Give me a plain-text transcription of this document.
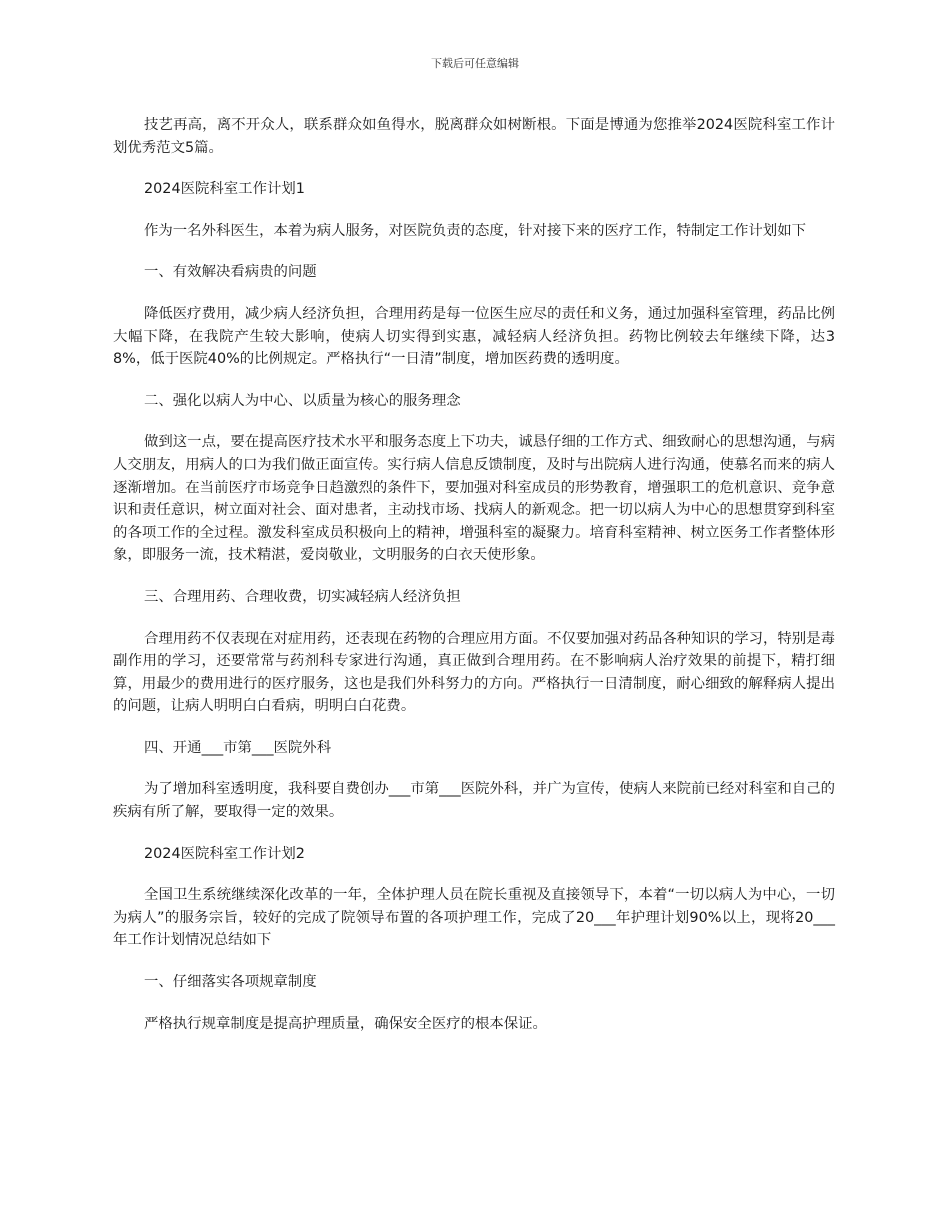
下载后可任意编辑

技艺再高，离不开众人，联系群众如鱼得水，脱离群众如树断根。下面是博通为您推举2024医院科室工作计划优秀范文5篇。

2024医院科室工作计划1

作为一名外科医生，本着为病人服务，对医院负责的态度，针对接下来的医疗工作，特制定工作计划如下

一、有效解决看病贵的问题

降低医疗费用，减少病人经济负担，合理用药是每一位医生应尽的责任和义务，通过加强科室管理，药品比例大幅下降，在我院产生较大影响，使病人切实得到实惠，减轻病人经济负担。药物比例较去年继续下降，达38%，低于医院40%的比例规定。严格执行“一日清”制度，增加医药费的透明度。

二、强化以病人为中心、以质量为核心的服务理念

做到这一点，要在提高医疗技术水平和服务态度上下功夫，诚恳仔细的工作方式、细致耐心的思想沟通，与病人交朋友，用病人的口为我们做正面宣传。实行病人信息反馈制度，及时与出院病人进行沟通，使慕名而来的病人逐渐增加。在当前医疗市场竞争日趋激烈的条件下，要加强对科室成员的形势教育，增强职工的危机意识、竞争意识和责任意识，树立面对社会、面对患者，主动找市场、找病人的新观念。把一切以病人为中心的思想贯穿到科室的各项工作的全过程。激发科室成员积极向上的精神，增强科室的凝聚力。培育科室精神、树立医务工作者整体形象，即服务一流，技术精湛，爱岗敬业，文明服务的白衣天使形象。

三、合理用药、合理收费，切实减轻病人经济负担

合理用药不仅表现在对症用药，还表现在药物的合理应用方面。不仅要加强对药品各种知识的学习，特别是毒副作用的学习，还要常常与药剂科专家进行沟通，真正做到合理用药。在不影响病人治疗效果的前提下，精打细算，用最少的费用进行的医疗服务，这也是我们外科努力的方向。严格执行一日清制度，耐心细致的解释病人提出的问题，让病人明明白白看病，明明白白花费。

四、开通___市第___医院外科

为了增加科室透明度，我科要自费创办___市第___医院外科，并广为宣传，使病人来院前已经对科室和自己的疾病有所了解，要取得一定的效果。

2024医院科室工作计划2

全国卫生系统继续深化改革的一年，全体护理人员在院长重视及直接领导下，本着“一切以病人为中心，一切为病人”的服务宗旨，较好的完成了院领导布置的各项护理工作，完成了20___年护理计划90%以上，现将20___年工作计划情况总结如下

一、仔细落实各项规章制度

严格执行规章制度是提高护理质量，确保安全医疗的根本保证。
